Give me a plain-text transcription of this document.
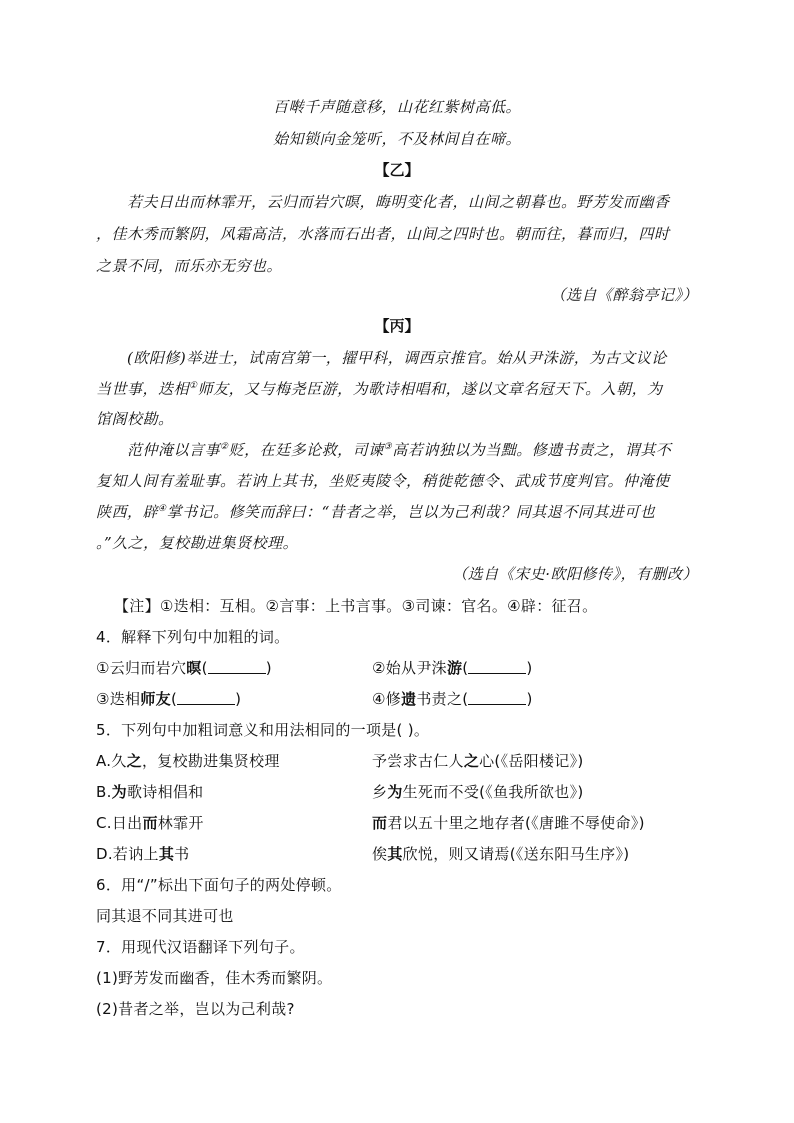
百啭千声随意移，山花红紫树高低。
始知锁向金笼听，不及林间自在啼。
【乙】
若夫日出而林霏开，云归而岩穴暝，晦明变化者，山间之朝暮也。野芳发而幽香
，佳木秀而繁阴，风霜高洁，水落而石出者，山间之四时也。朝而往，暮而归，四时
之景不同，而乐亦无穷也。
（选自《醉翁亭记》）
【丙】
(欧阳修)举进士，试南宫第一，擢甲科，调西京推官。始从尹洙游，为古文议论
当世事，迭相①师友，又与梅尧臣游，为歌诗相唱和，遂以文章名冠天下。入朝，为
馆阁校勘。
范仲淹以言事②贬，在廷多论救，司谏③高若讷独以为当黜。修遗书责之，谓其不
复知人间有羞耻事。若讷上其书，坐贬夷陵令，稍徙乾德令、武成节度判官。仲淹使
陕西，辟④掌书记。修笑而辞曰：“昔者之举，岂以为己利哉？同其退不同其进可也
。”久之，复校勘进集贤校理。
（选自《宋史·欧阳修传》，有删改）
【注】①迭相：互相。②言事：上书言事。③司谏：官名。④辟：征召。
4．解释下列句中加粗的词。
①云归而岩穴暝(	)	②始从尹洙游(	)
③迭相师友(	)	④修遗书责之(	)
5．下列句中加粗词意义和用法相同的一项是( )。
A.久之，复校勘进集贤校理	予尝求古仁人之心(《岳阳楼记》)
B.为歌诗相倡和	乡为生死而不受(《鱼我所欲也》)
C.日出而林霏开	而君以五十里之地存者(《唐雎不辱使命》)
D.若讷上其书	俟其欣悦，则又请焉(《送东阳马生序》)
6．用“/”标出下面句子的两处停顿。
同其退不同其进可也
7．用现代汉语翻译下列句子。
(1)野芳发而幽香，佳木秀而繁阴。
(2)昔者之举，岂以为己利哉?
